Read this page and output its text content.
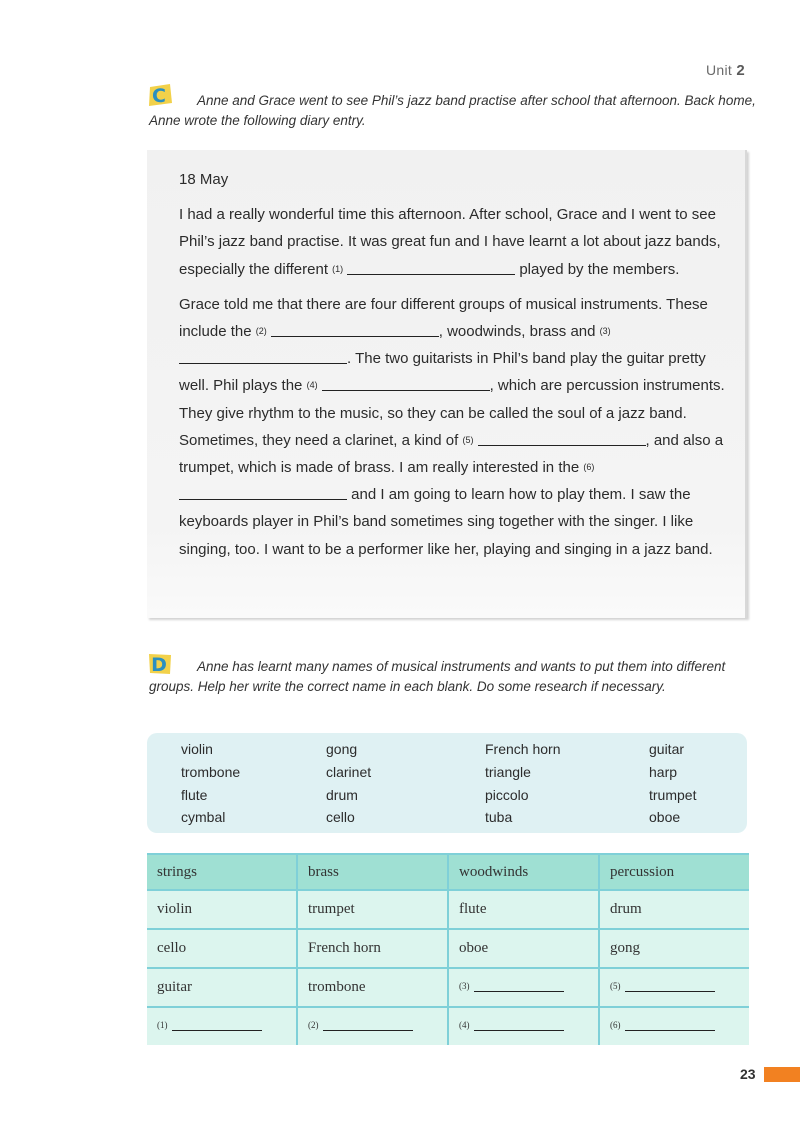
Unit 2
C	Anne and Grace went to see Phil’s jazz band practise after school that afternoon. Back home, Anne wrote the following diary entry.

18 May

I had a really wonderful time this afternoon. After school, Grace and I went to see Phil’s jazz band practise. It was great fun and I have learnt a lot about jazz bands, especially the different (1)	played by the members.

Grace told me that there are four different groups of musical instruments. These include the (2)	, woodwinds, brass and (3). The two guitarists in Phil’s band play the guitar pretty well. Phil plays the (4)	, which are percussion instruments. They give rhythm to the music, so they can be called the soul of a jazz band. Sometimes, they need a clarinet, a kind of (5)	, and also a trumpet, which is made of brass. I am really interested in the (6) and I am going to learn how to play them. I saw the keyboards player in Phil’s band sometimes sing together with the singer. I like singing, too. I want to be a performer like her, playing and singing in a jazz band.

D	Anne has learnt many names of musical instruments and wants to put them into different groups. Help her write the correct name in each blank. Do some research if necessary.
violin	gong	French horn	guitar
trombone	clarinet	triangle	harp
flute	drum	piccolo	trumpet
cymbal	cello	tuba	oboe
strings	brass	woodwinds	percussion
violin	trumpet	flute	drum
cello	French horn	oboe	gong
guitar	trombone	$^{(3)}$	$^{(5)}$
$^{(1)}$	$^{(2)}$	$^{(4)}$	$^{(6)}$
23
